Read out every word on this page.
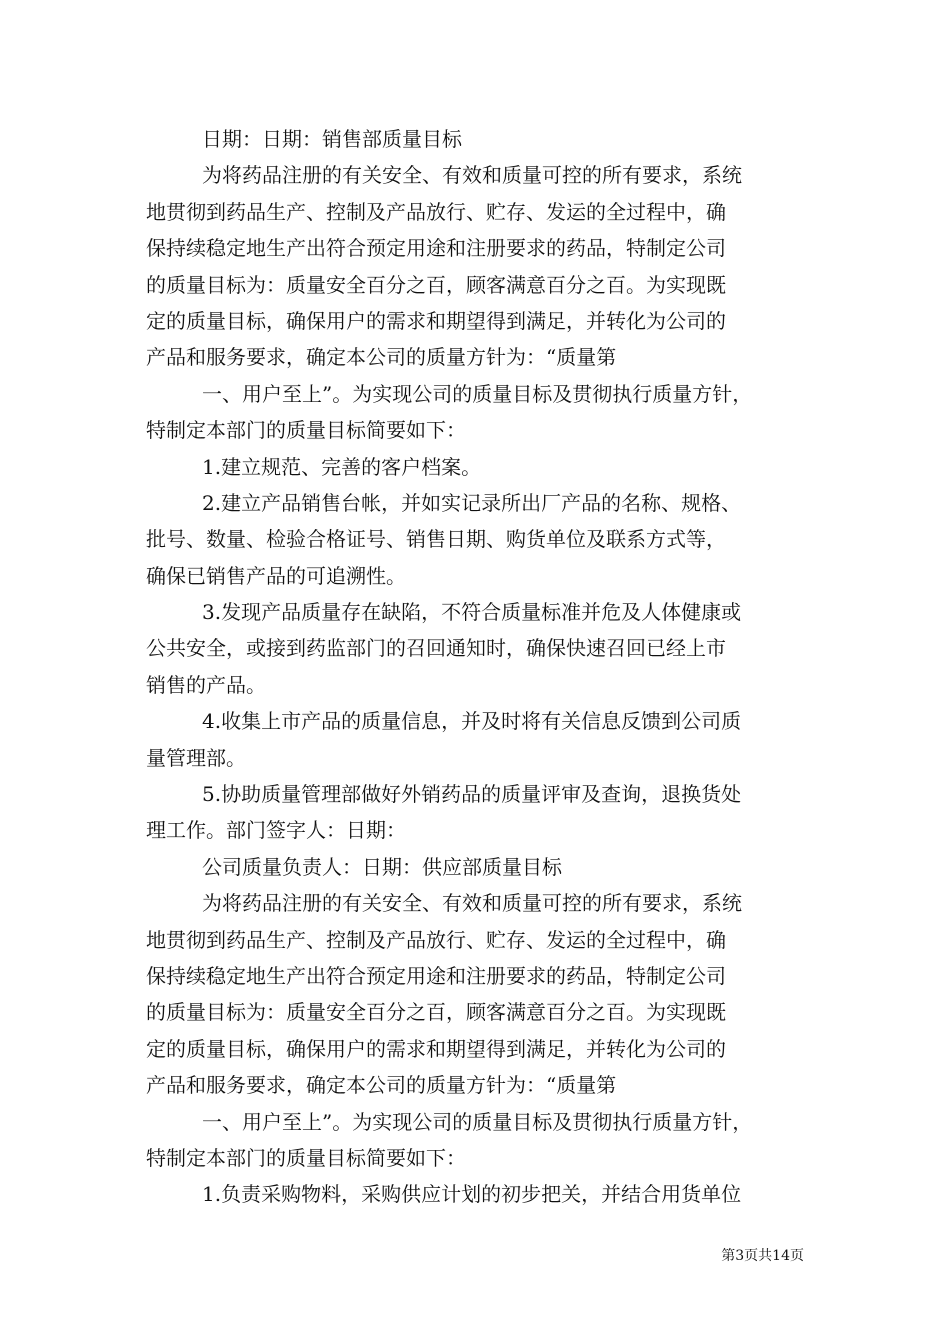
日期：日期：销售部质量目标
为将药品注册的有关安全、有效和质量可控的所有要求，系统
地贯彻到药品生产、控制及产品放行、贮存、发运的全过程中，确
保持续稳定地生产出符合预定用途和注册要求的药品，特制定公司
的质量目标为：质量安全百分之百，顾客满意百分之百。为实现既
定的质量目标，确保用户的需求和期望得到满足，并转化为公司的
产品和服务要求，确定本公司的质量方针为：“质量第
一、用户至上”。为实现公司的质量目标及贯彻执行质量方针，
特制定本部门的质量目标简要如下：
1.建立规范、完善的客户档案。
2.建立产品销售台帐，并如实记录所出厂产品的名称、规格、
批号、数量、检验合格证号、销售日期、购货单位及联系方式等，
确保已销售产品的可追溯性。
3.发现产品质量存在缺陷，不符合质量标准并危及人体健康或
公共安全，或接到药监部门的召回通知时，确保快速召回已经上市
销售的产品。
4.收集上市产品的质量信息，并及时将有关信息反馈到公司质
量管理部。
5.协助质量管理部做好外销药品的质量评审及查询，退换货处
理工作。部门签字人：日期：
公司质量负责人：日期：供应部质量目标
为将药品注册的有关安全、有效和质量可控的所有要求，系统
地贯彻到药品生产、控制及产品放行、贮存、发运的全过程中，确
保持续稳定地生产出符合预定用途和注册要求的药品，特制定公司
的质量目标为：质量安全百分之百，顾客满意百分之百。为实现既
定的质量目标，确保用户的需求和期望得到满足，并转化为公司的
产品和服务要求，确定本公司的质量方针为：“质量第
一、用户至上”。为实现公司的质量目标及贯彻执行质量方针，
特制定本部门的质量目标简要如下：
1.负责采购物料，采购供应计划的初步把关，并结合用货单位
第3页共14页
